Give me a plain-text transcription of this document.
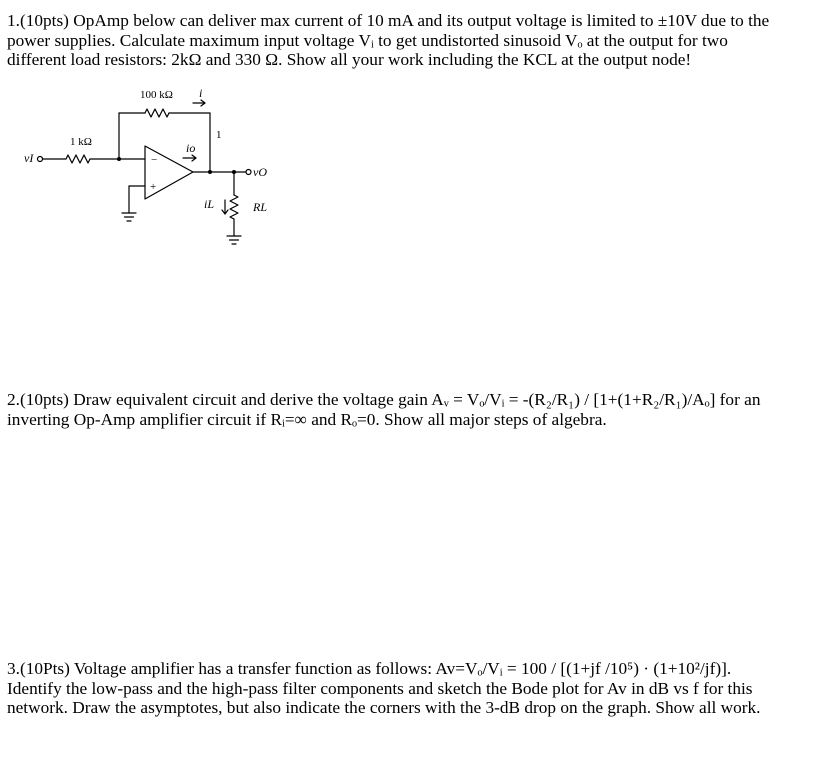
1.(10pts) OpAmp below can deliver max current of 10 mA and its output voltage is limited to ±10V due to the
power supplies. Calculate maximum input voltage Vᵢ to get undistorted sinusoid Vₒ at the output for two
different load resistors: 2kΩ and 330 Ω. Show all your work including the KCL at the output node!
100 kΩ
1 kΩ
i
1
io
−
+
vI
vO
iL	RL
2.(10pts) Draw equivalent circuit and derive the voltage gain Aᵥ = Vₒ/Vᵢ = -(R₂/R₁) / [1+(1+R₂/R₁)/Aₒ] for an
inverting Op-Amp amplifier circuit if Rᵢ=∞ and Rₒ=0. Show all major steps of algebra.
3.(10Pts) Voltage amplifier has a transfer function as follows: Av=Vₒ/Vᵢ = 100 / [(1+jf /10⁵) · (1+10²/jf)].
Identify the low-pass and the high-pass filter components and sketch the Bode plot for Av in dB vs f for this
network. Draw the asymptotes, but also indicate the corners with the 3-dB drop on the graph. Show all work.
